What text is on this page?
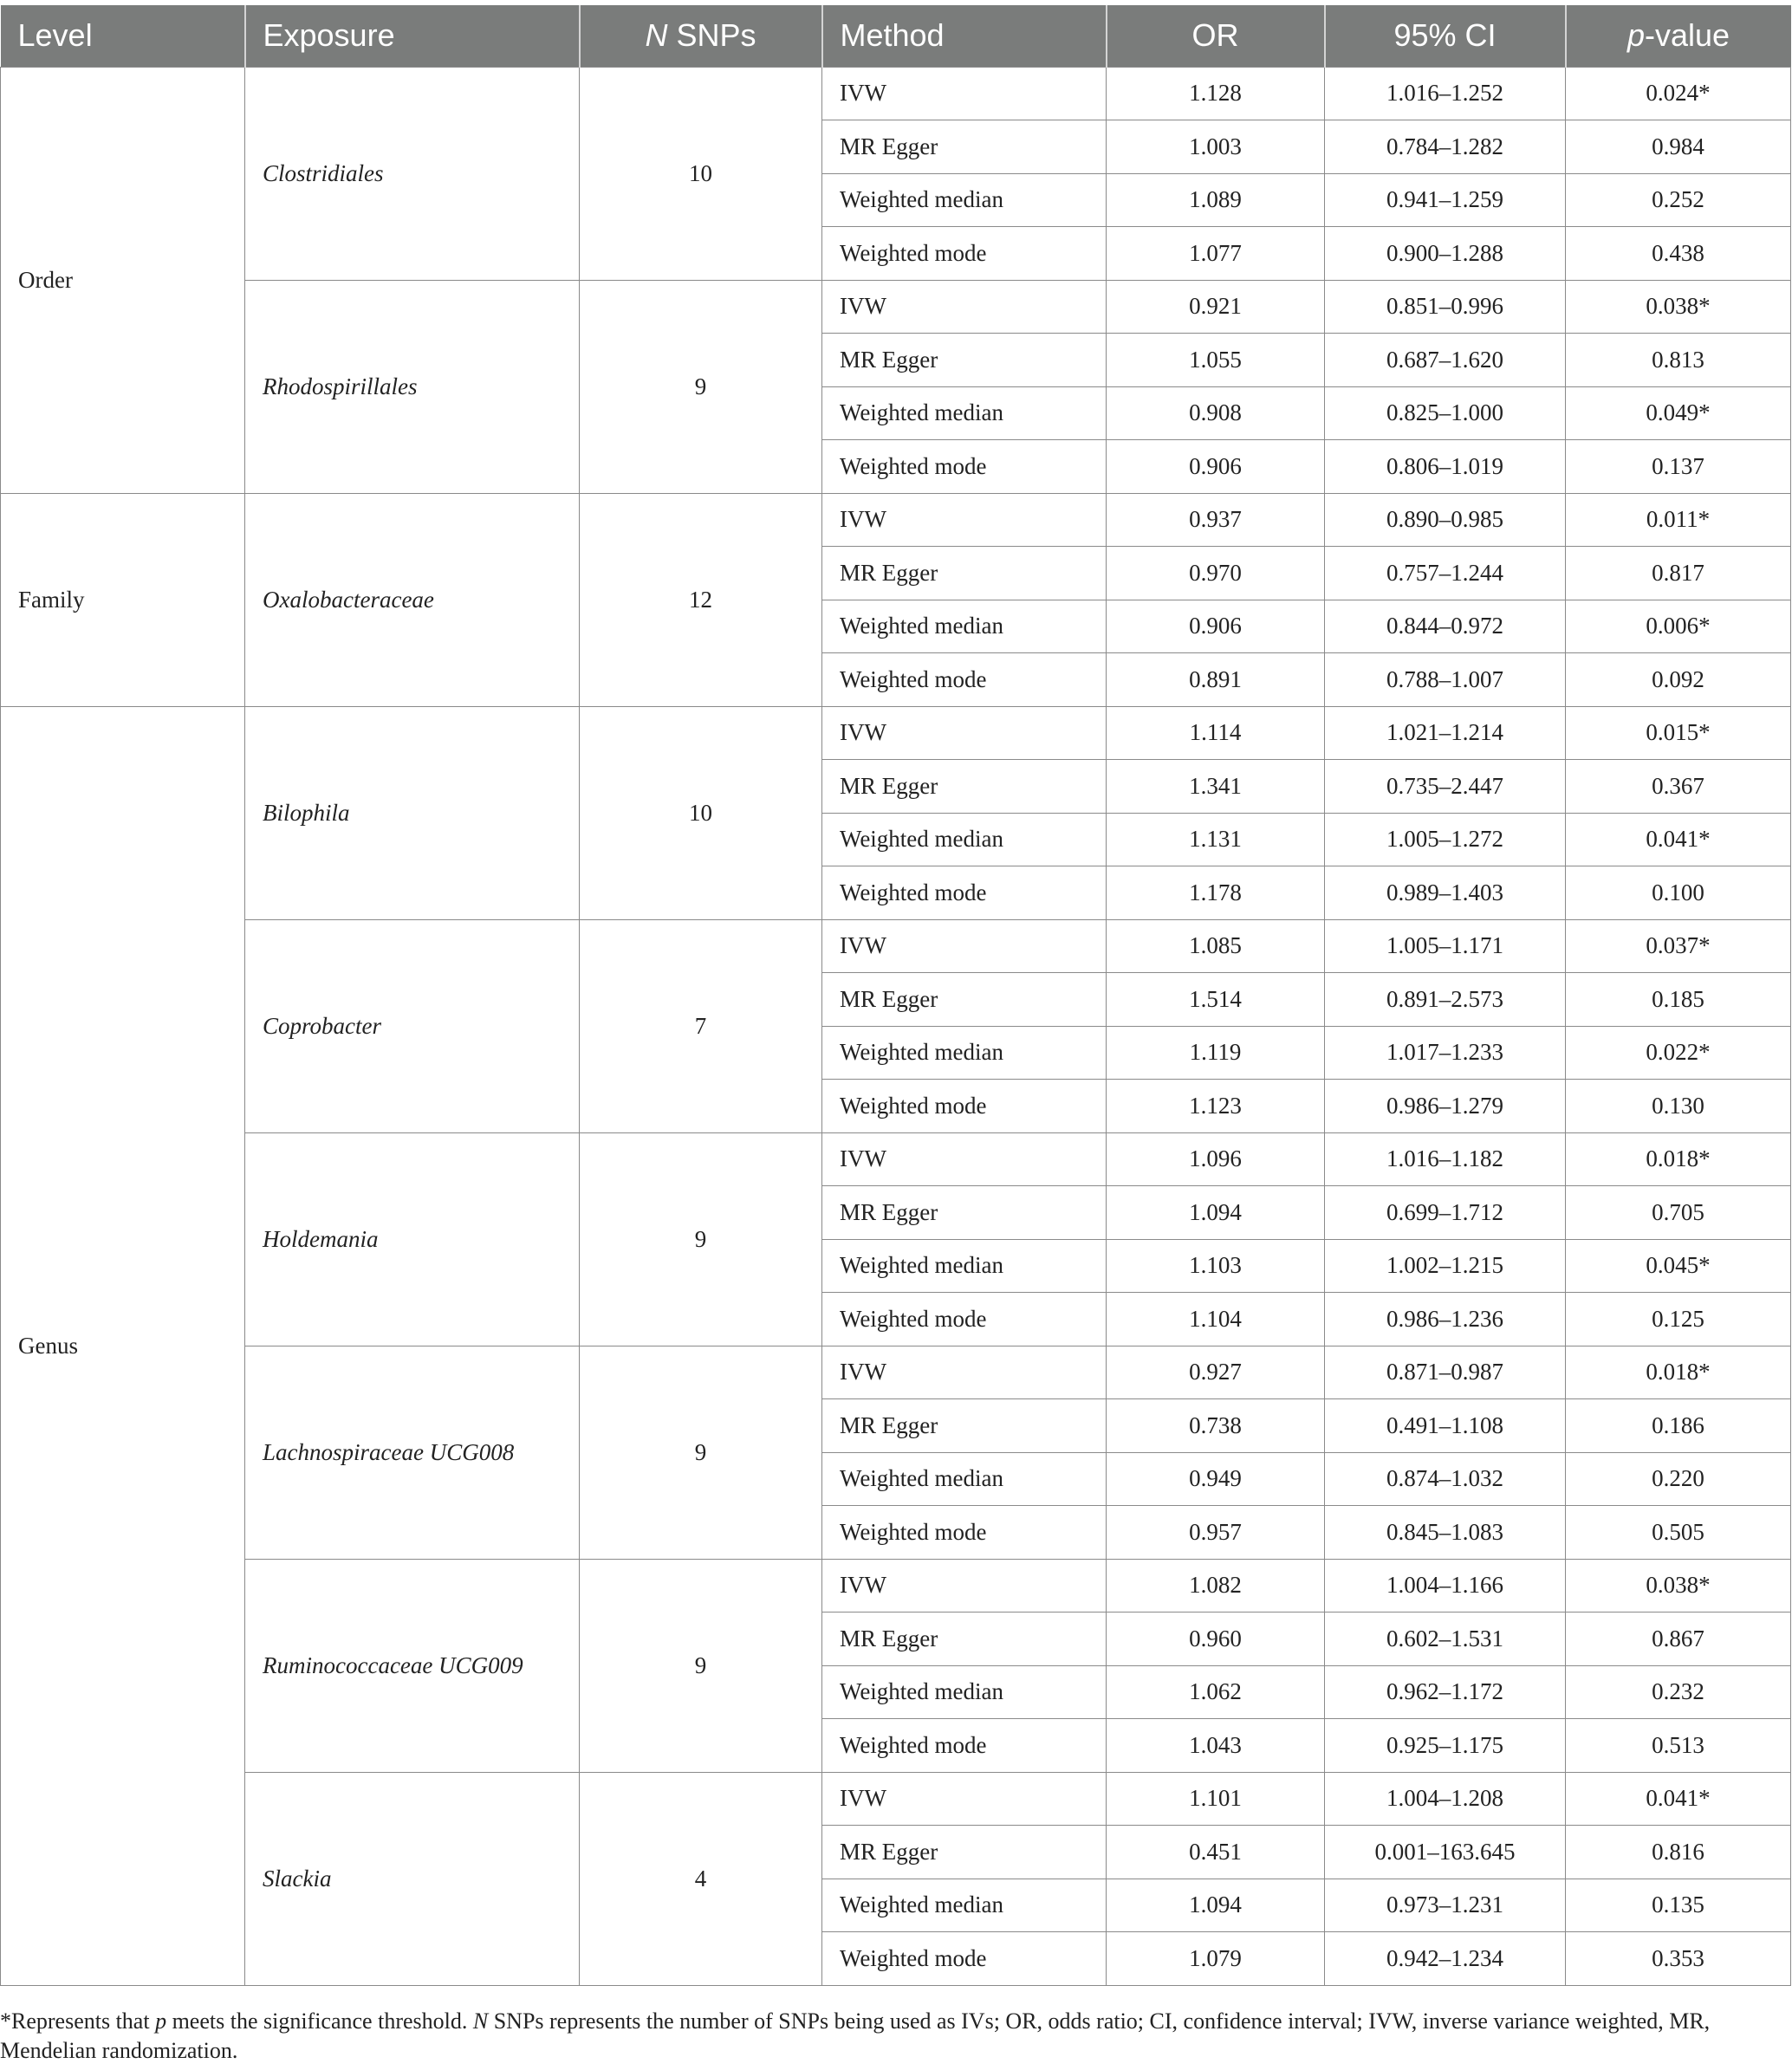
Level	Exposure	N SNPs	Method	OR	95% CI	p-value
Order	Clostridiales	10	IVW	1.128	1.016–1.252	0.024*
			MR Egger	1.003	0.784–1.282	0.984
			Weighted median	1.089	0.941–1.259	0.252
			Weighted mode	1.077	0.900–1.288	0.438
	Rhodospirillales	9	IVW	0.921	0.851–0.996	0.038*
			MR Egger	1.055	0.687–1.620	0.813
			Weighted median	0.908	0.825–1.000	0.049*
			Weighted mode	0.906	0.806–1.019	0.137
Family	Oxalobacteraceae	12	IVW	0.937	0.890–0.985	0.011*
			MR Egger	0.970	0.757–1.244	0.817
			Weighted median	0.906	0.844–0.972	0.006*
			Weighted mode	0.891	0.788–1.007	0.092
Genus	Bilophila	10	IVW	1.114	1.021–1.214	0.015*
			MR Egger	1.341	0.735–2.447	0.367
			Weighted median	1.131	1.005–1.272	0.041*
			Weighted mode	1.178	0.989–1.403	0.100
	Coprobacter	7	IVW	1.085	1.005–1.171	0.037*
			MR Egger	1.514	0.891–2.573	0.185
			Weighted median	1.119	1.017–1.233	0.022*
			Weighted mode	1.123	0.986–1.279	0.130
	Holdemania	9	IVW	1.096	1.016–1.182	0.018*
			MR Egger	1.094	0.699–1.712	0.705
			Weighted median	1.103	1.002–1.215	0.045*
			Weighted mode	1.104	0.986–1.236	0.125
	Lachnospiraceae UCG008	9	IVW	0.927	0.871–0.987	0.018*
			MR Egger	0.738	0.491–1.108	0.186
			Weighted median	0.949	0.874–1.032	0.220
			Weighted mode	0.957	0.845–1.083	0.505
	Ruminococcaceae UCG009	9	IVW	1.082	1.004–1.166	0.038*
			MR Egger	0.960	0.602–1.531	0.867
			Weighted median	1.062	0.962–1.172	0.232
			Weighted mode	1.043	0.925–1.175	0.513
	Slackia	4	IVW	1.101	1.004–1.208	0.041*
			MR Egger	0.451	0.001–163.645	0.816
			Weighted median	1.094	0.973–1.231	0.135
			Weighted mode	1.079	0.942–1.234	0.353
*Represents that p meets the significance threshold. N SNPs represents the number of SNPs being used as IVs; OR, odds ratio; CI, confidence interval; IVW, inverse variance weighted, MR, Mendelian randomization.
